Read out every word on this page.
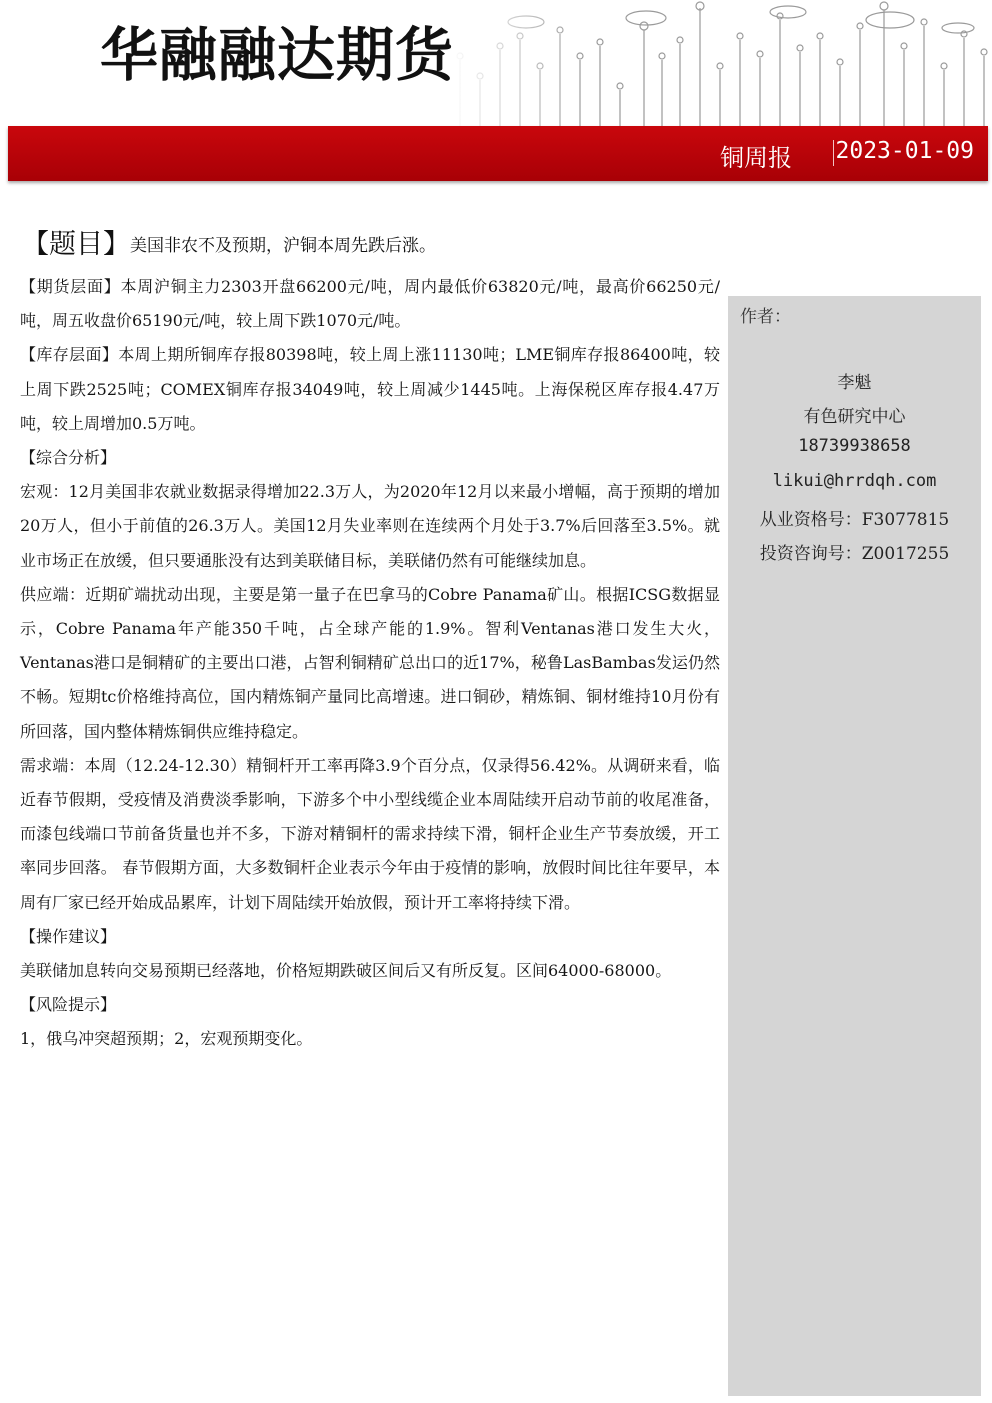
华融融达期货
铜周报 2023-01-09
【题目】美国非农不及预期，沪铜本周先跌后涨。
作者：
李魁
有色研究中心
18739938658
likui@hrrdqh.com
从业资格号：F3077815
投资咨询号：Z0017255

【期货层面】本周沪铜主力2303开盘66200元/吨，周内最低价63820元/吨，最高价66250元/吨，周五收盘价65190元/吨，较上周下跌1070元/吨。

【库存层面】本周上期所铜库存报80398吨，较上周上涨11130吨；LME铜库存报86400吨，较上周下跌2525吨；COMEX铜库存报34049吨，较上周减少1445吨。上海保税区库存报4.47万吨，较上周增加0.5万吨。

【综合分析】

宏观：12月美国非农就业数据录得增加22.3万人，为2020年12月以来最小增幅，高于预期的增加20万人，但小于前值的26.3万人。美国12月失业率则在连续两个月处于3.7%后回落至3.5%。就业市场正在放缓，但只要通胀没有达到美联储目标，美联储仍然有可能继续加息。

供应端：近期矿端扰动出现，主要是第一量子在巴拿马的Cobre Panama矿山。根据ICSG数据显示，Cobre Panama年产能350千吨，占全球产能的1.9%。智利Ventanas港口发生大火，Ventanas港口是铜精矿的主要出口港，占智利铜精矿总出口的近17%，秘鲁LasBambas发运仍然不畅。短期tc价格维持高位，国内精炼铜产量同比高增速。进口铜砂，精炼铜、铜材维持10月份有所回落，国内整体精炼铜供应维持稳定。

需求端：本周（12.24-12.30）精铜杆开工率再降3.9个百分点，仅录得56.42%。从调研来看，临近春节假期，受疫情及消费淡季影响，下游多个中小型线缆企业本周陆续开启动节前的收尾准备，而漆包线端口节前备货量也并不多，下游对精铜杆的需求持续下滑，铜杆企业生产节奏放缓，开工率同步回落。 春节假期方面，大多数铜杆企业表示今年由于疫情的影响，放假时间比往年要早，本周有厂家已经开始成品累库，计划下周陆续开始放假，预计开工率将持续下滑。

【操作建议】

美联储加息转向交易预期已经落地，价格短期跌破区间后又有所反复。区间64000-68000。

【风险提示】

1，俄乌冲突超预期；2，宏观预期变化。
